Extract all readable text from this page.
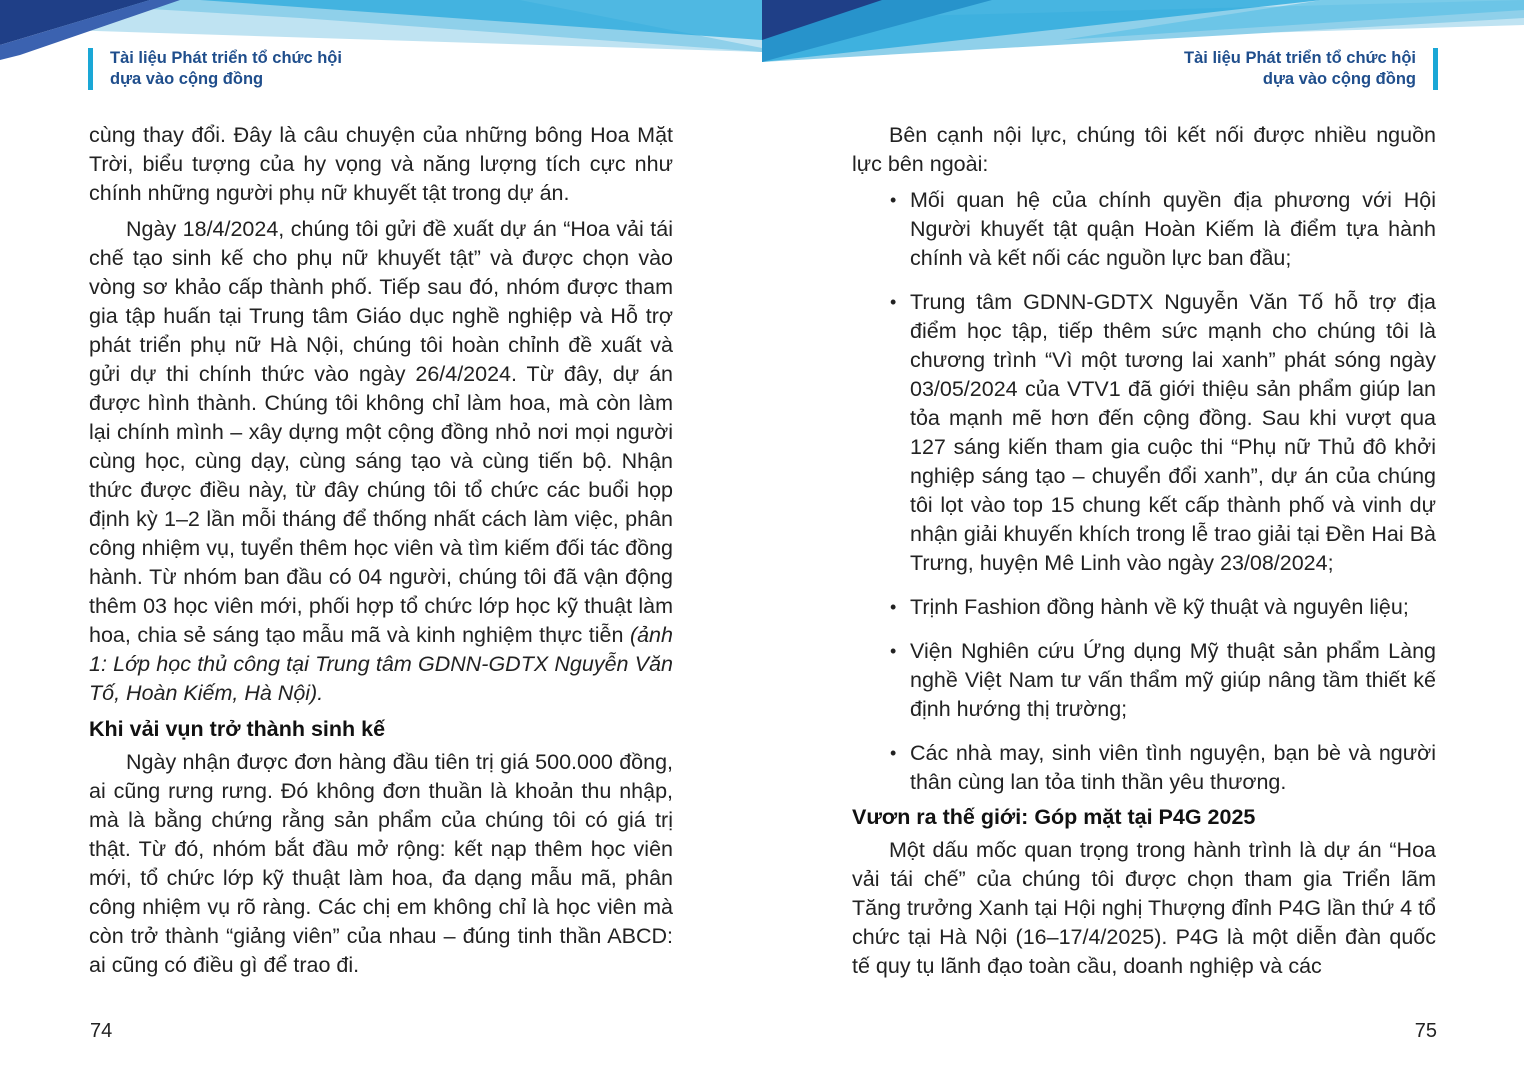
Tài liệu Phát triển tổ chức hội
dựa vào cộng đồng

cùng thay đổi. Đây là câu chuyện của những bông Hoa Mặt Trời, biểu tượng của hy vọng và năng lượng tích cực như chính những người phụ nữ khuyết tật trong dự án.

Ngày 18/4/2024, chúng tôi gửi đề xuất dự án “Hoa vải tái chế tạo sinh kế cho phụ nữ khuyết tật” và được chọn vào vòng sơ khảo cấp thành phố. Tiếp sau đó, nhóm được tham gia tập huấn tại Trung tâm Giáo dục nghề nghiệp và Hỗ trợ phát triển phụ nữ Hà Nội, chúng tôi hoàn chỉnh đề xuất và gửi dự thi chính thức vào ngày 26/4/2024. Từ đây, dự án được hình thành. Chúng tôi không chỉ làm hoa, mà còn làm lại chính mình – xây dựng một cộng đồng nhỏ nơi mọi người cùng học, cùng dạy, cùng sáng tạo và cùng tiến bộ. Nhận thức được điều này, từ đây chúng tôi tổ chức các buổi họp định kỳ 1–2 lần mỗi tháng để thống nhất cách làm việc, phân công nhiệm vụ, tuyển thêm học viên và tìm kiếm đối tác đồng hành. Từ nhóm ban đầu có 04 người, chúng tôi đã vận động thêm 03 học viên mới, phối hợp tổ chức lớp học kỹ thuật làm hoa, chia sẻ sáng tạo mẫu mã và kinh nghiệm thực tiễn (ảnh 1: Lớp học thủ công tại Trung tâm GDNN-GDTX Nguyễn Văn Tố, Hoàn Kiếm, Hà Nội).

Khi vải vụn trở thành sinh kế

Ngày nhận được đơn hàng đầu tiên trị giá 500.000 đồng, ai cũng rưng rưng. Đó không đơn thuần là khoản thu nhập, mà là bằng chứng rằng sản phẩm của chúng tôi có giá trị thật. Từ đó, nhóm bắt đầu mở rộng: kết nạp thêm học viên mới, tổ chức lớp kỹ thuật làm hoa, đa dạng mẫu mã, phân công nhiệm vụ rõ ràng. Các chị em không chỉ là học viên mà còn trở thành “giảng viên” của nhau – đúng tinh thần ABCD: ai cũng có điều gì để trao đi.

74
Tài liệu Phát triển tổ chức hội
dựa vào cộng đồng

Bên cạnh nội lực, chúng tôi kết nối được nhiều nguồn lực bên ngoài:

• Mối quan hệ của chính quyền địa phương với Hội Người khuyết tật quận Hoàn Kiếm là điểm tựa hành chính và kết nối các nguồn lực ban đầu;
• Trung tâm GDNN-GDTX Nguyễn Văn Tố hỗ trợ địa điểm học tập, tiếp thêm sức mạnh cho chúng tôi là chương trình “Vì một tương lai xanh” phát sóng ngày 03/05/2024 của VTV1 đã giới thiệu sản phẩm giúp lan tỏa mạnh mẽ hơn đến cộng đồng. Sau khi vượt qua 127 sáng kiến tham gia cuộc thi “Phụ nữ Thủ đô khởi nghiệp sáng tạo – chuyển đổi xanh”, dự án của chúng tôi lọt vào top 15 chung kết cấp thành phố và vinh dự nhận giải khuyến khích trong lễ trao giải tại Đền Hai Bà Trưng, huyện Mê Linh vào ngày 23/08/2024;
• Trịnh Fashion đồng hành về kỹ thuật và nguyên liệu;
• Viện Nghiên cứu Ứng dụng Mỹ thuật sản phẩm Làng nghề Việt Nam tư vấn thẩm mỹ giúp nâng tầm thiết kế định hướng thị trường;
• Các nhà may, sinh viên tình nguyện, bạn bè và người thân cùng lan tỏa tinh thần yêu thương.
Vươn ra thế giới: Góp mặt tại P4G 2025

Một dấu mốc quan trọng trong hành trình là dự án “Hoa vải tái chế” của chúng tôi được chọn tham gia Triển lãm Tăng trưởng Xanh tại Hội nghị Thượng đỉnh P4G lần thứ 4 tổ chức tại Hà Nội (16–17/4/2025). P4G là một diễn đàn quốc tế quy tụ lãnh đạo toàn cầu, doanh nghiệp và các

75
